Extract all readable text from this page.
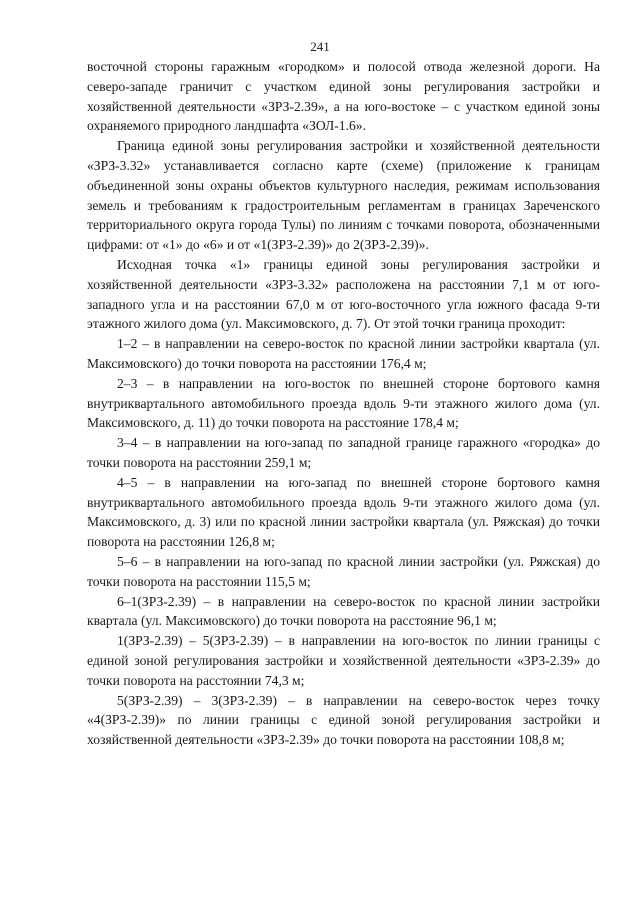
241

восточной стороны гаражным «городком» и полосой отвода железной дороги. На северо-западе граничит с участком единой зоны регулирования застройки и хозяйственной деятельности «ЗРЗ-2.39», а на юго-востоке – с участком единой зоны охраняемого природного ландшафта «ЗОЛ-1.6».

Граница единой зоны регулирования застройки и хозяйственной деятельности «ЗРЗ-3.32» устанавливается согласно карте (схеме) (приложение к границам объединенной зоны охраны объектов культурного наследия, режимам использования земель и требованиям к градостроительным регламентам в границах Зареченского территориального округа города Тулы) по линиям с точками поворота, обозначенными цифрами: от «1» до «6» и от «1(ЗРЗ-2.39)» до 2(ЗРЗ-2.39)».

Исходная точка «1» границы единой зоны регулирования застройки и хозяйственной деятельности «ЗРЗ-3.32» расположена на расстоянии 7,1 м от юго-западного угла и на расстоянии 67,0 м от юго-восточного угла южного фасада 9-ти этажного жилого дома (ул. Максимовского, д. 7). От этой точки граница проходит:

1–2 – в направлении на северо-восток по красной линии застройки квартала (ул. Максимовского) до точки поворота на расстоянии 176,4 м;

2–3 – в направлении на юго-восток по внешней стороне бортового камня внутриквартального автомобильного проезда вдоль 9-ти этажного жилого дома (ул. Максимовского, д. 11) до точки поворота на расстояние 178,4 м;

3–4 – в направлении на юго-запад по западной границе гаражного «городка» до точки поворота на расстоянии 259,1 м;

4–5 – в направлении на юго-запад по внешней стороне бортового камня внутриквартального автомобильного проезда вдоль 9-ти этажного жилого дома (ул. Максимовского, д. 3) или по красной линии застройки квартала (ул. Ряжская) до точки поворота на расстоянии 126,8 м;

5–6 – в направлении на юго-запад по красной линии застройки (ул. Ряжская) до точки поворота на расстоянии 115,5 м;

6–1(ЗРЗ-2.39) – в направлении на северо-восток по красной линии застройки квартала (ул. Максимовского) до точки поворота на расстояние 96,1 м;

1(ЗРЗ-2.39) – 5(ЗРЗ-2.39) – в направлении на юго-восток по линии границы с единой зоной регулирования застройки и хозяйственной деятельности «ЗРЗ-2.39» до точки поворота на расстоянии 74,3 м;

5(ЗРЗ-2.39) – 3(ЗРЗ-2.39) – в направлении на северо-восток через точку «4(ЗРЗ-2.39)» по линии границы с единой зоной регулирования застройки и хозяйственной деятельности «ЗРЗ-2.39» до точки поворота на расстоянии 108,8 м;
